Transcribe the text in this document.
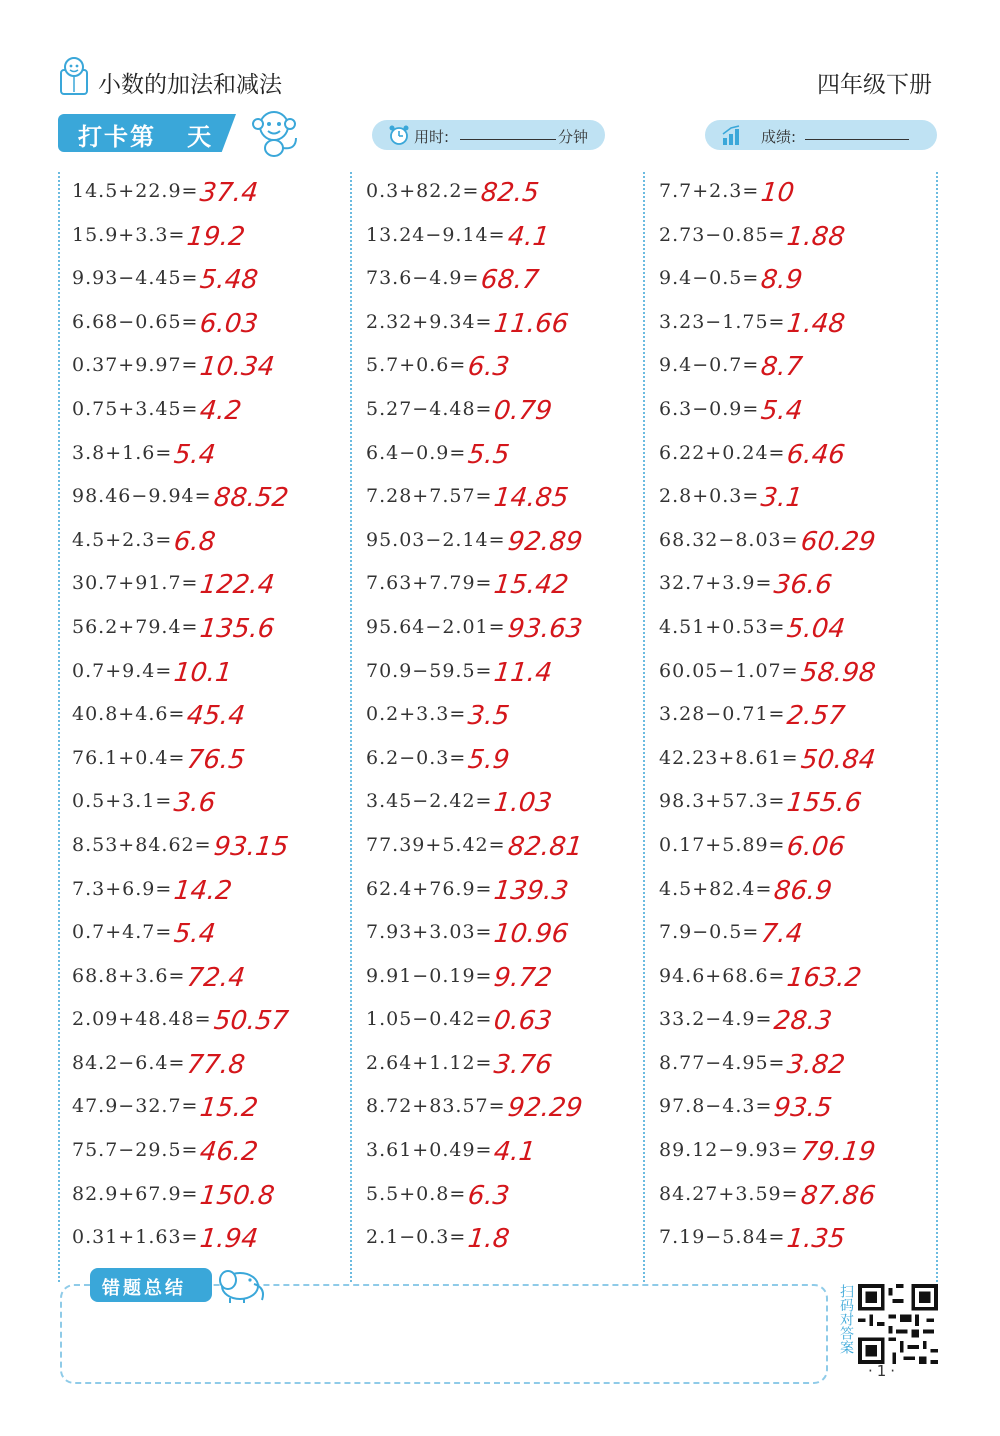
小数的加法和减法	四年级下册
打卡第   天	用时:	分钟	成绩:
14.5+22.9=37.4
15.9+3.3=19.2
9.93−4.45=5.48
6.68−0.65=6.03
0.37+9.97=10.34
0.75+3.45=4.2
3.8+1.6=5.4
98.46−9.94=88.52
4.5+2.3=6.8
30.7+91.7=122.4
56.2+79.4=135.6
0.7+9.4=10.1
40.8+4.6=45.4
76.1+0.4=76.5
0.5+3.1=3.6
8.53+84.62=93.15
7.3+6.9=14.2
0.7+4.7=5.4
68.8+3.6=72.4
2.09+48.48=50.57
84.2−6.4=77.8
47.9−32.7=15.2
75.7−29.5=46.2
82.9+67.9=150.8
0.31+1.63=1.94
0.3+82.2=82.5
13.24−9.14=4.1
73.6−4.9=68.7
2.32+9.34=11.66
5.7+0.6=6.3
5.27−4.48=0.79
6.4−0.9=5.5
7.28+7.57=14.85
95.03−2.14=92.89
7.63+7.79=15.42
95.64−2.01=93.63
70.9−59.5=11.4
0.2+3.3=3.5
6.2−0.3=5.9
3.45−2.42=1.03
77.39+5.42=82.81
62.4+76.9=139.3
7.93+3.03=10.96
9.91−0.19=9.72
1.05−0.42=0.63
2.64+1.12=3.76
8.72+83.57=92.29
3.61+0.49=4.1
5.5+0.8=6.3
2.1−0.3=1.8
7.7+2.3=10
2.73−0.85=1.88
9.4−0.5=8.9
3.23−1.75=1.48
9.4−0.7=8.7
6.3−0.9=5.4
6.22+0.24=6.46
2.8+0.3=3.1
68.32−8.03=60.29
32.7+3.9=36.6
4.51+0.53=5.04
60.05−1.07=58.98
3.28−0.71=2.57
42.23+8.61=50.84
98.3+57.3=155.6
0.17+5.89=6.06
4.5+82.4=86.9
7.9−0.5=7.4
94.6+68.6=163.2
33.2−4.9=28.3
8.77−4.95=3.82
97.8−4.3=93.5
89.12−9.93=79.19
84.27+3.59=87.86
7.19−5.84=1.35
错题总结	扫码对答案
·1·
